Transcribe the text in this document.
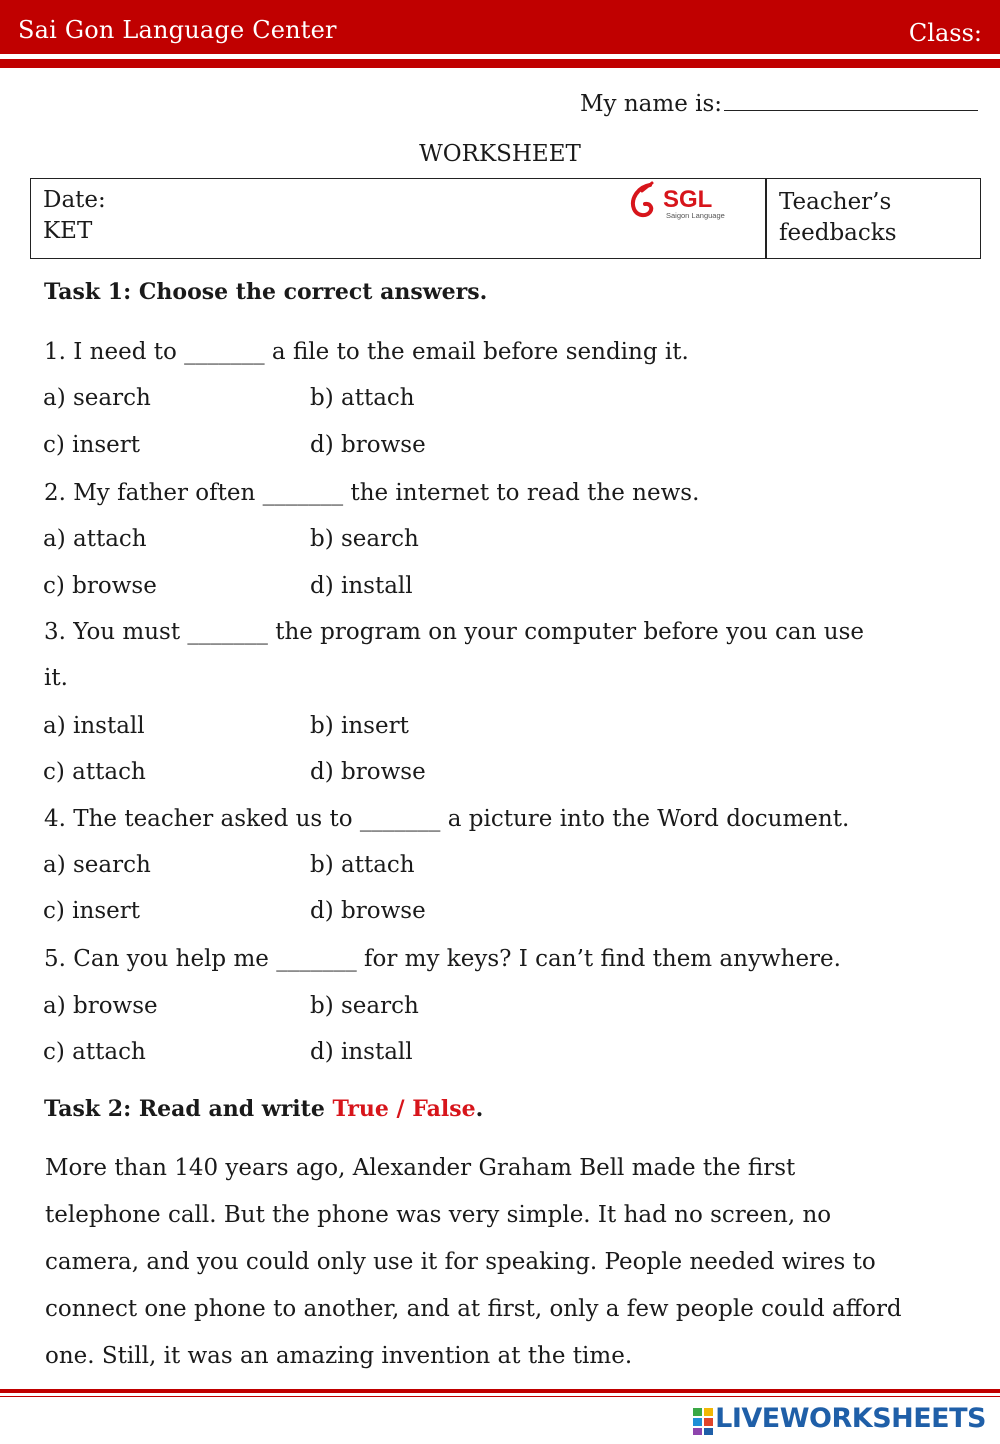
Sai Gon Language Center	Class:
My name is:
WORKSHEET
Date:
KET
SGL
Saigon Language
Teacher’s
feedbacks
Task 1: Choose the correct answers.
1. I need to _______ a file to the email before sending it.
a) search	b) attach
c) insert	d) browse
2. My father often _______ the internet to read the news.
a) attach	b) search
c) browse	d) install
3. You must _______ the program on your computer before you can use
it.
a) install	b) insert
c) attach	d) browse
4. The teacher asked us to _______ a picture into the Word document.
a) search	b) attach
c) insert	d) browse
5. Can you help me _______ for my keys? I can’t find them anywhere.
a) browse	b) search
c) attach	d) install
Task 2: Read and write True / False.
More than 140 years ago, Alexander Graham Bell made the first
telephone call. But the phone was very simple. It had no screen, no
camera, and you could only use it for speaking. People needed wires to
connect one phone to another, and at first, only a few people could afford
one. Still, it was an amazing invention at the time.
LIVEWORKSHEETS
